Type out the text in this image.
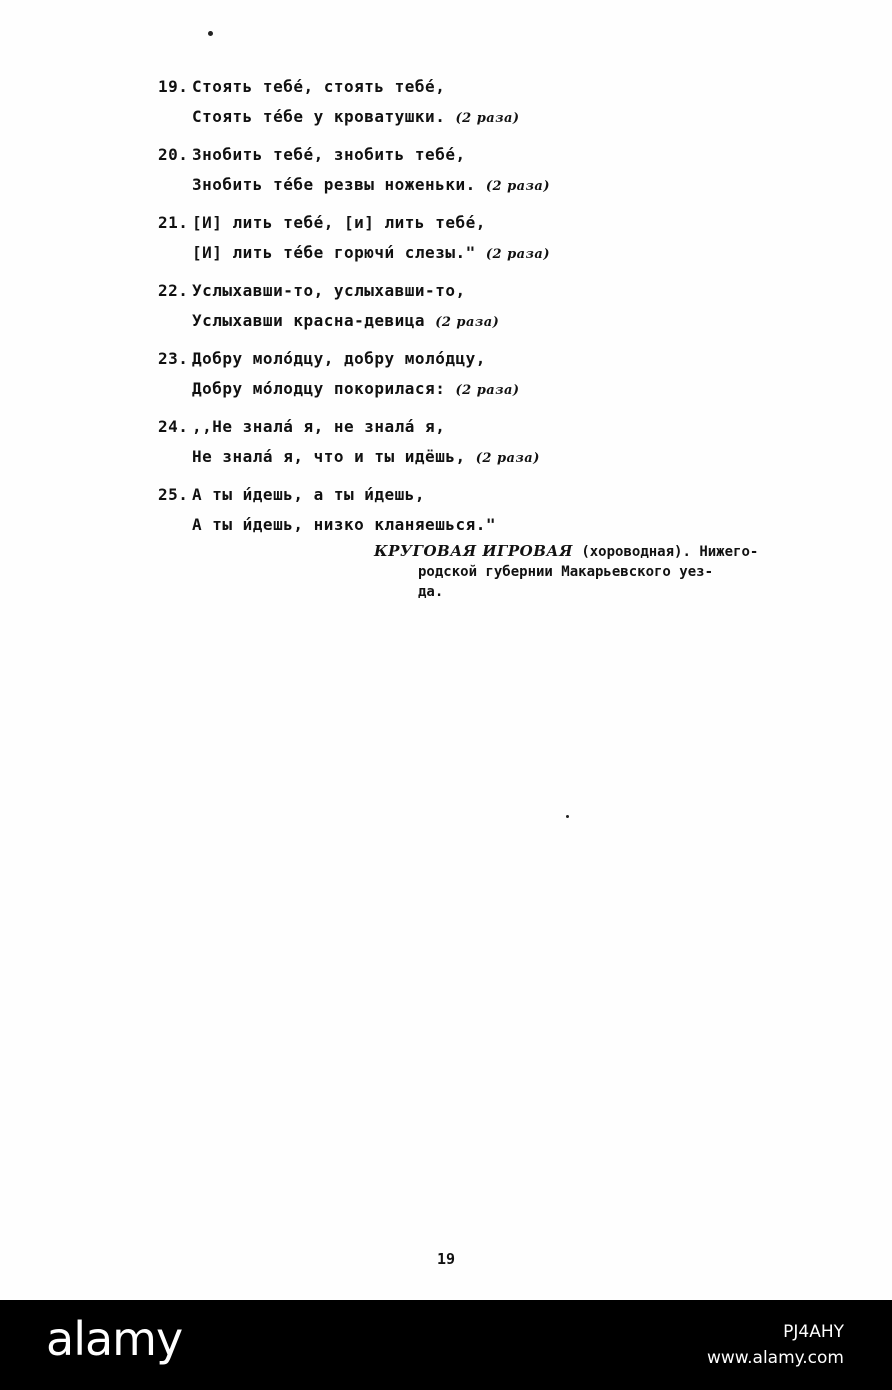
19. Стоять тебе́, стоять тебе́,
Стоять те́бе у кроватушки. (2 раза)
20. Знобить тебе́, знобить тебе́,
Знобить те́бе резвы ноженьки. (2 раза)
21. [И] лить тебе́, [и] лить тебе́,
[И] лить те́бе горючи́ слезы." (2 раза)
22. Услыхавши-то, услыхавши-то,
Услыхавши красна-девица (2 раза)
23. Добру моло́дцу, добру моло́дцу,
Добру мо́лодцу покорилася: (2 раза)
24. ,,Не знала́ я, не знала́ я,
Не знала́ я, что и ты идёшь, (2 раза)
25. А ты и́дешь, а ты и́дешь,
А ты и́дешь, низко кланяешься."
КРУГОВАЯ ИГРОВАЯ (хороводная). Нижего-
родской губернии Макарьевского уез-
да.
19
alamy	PJ4AHY
www.alamy.com
